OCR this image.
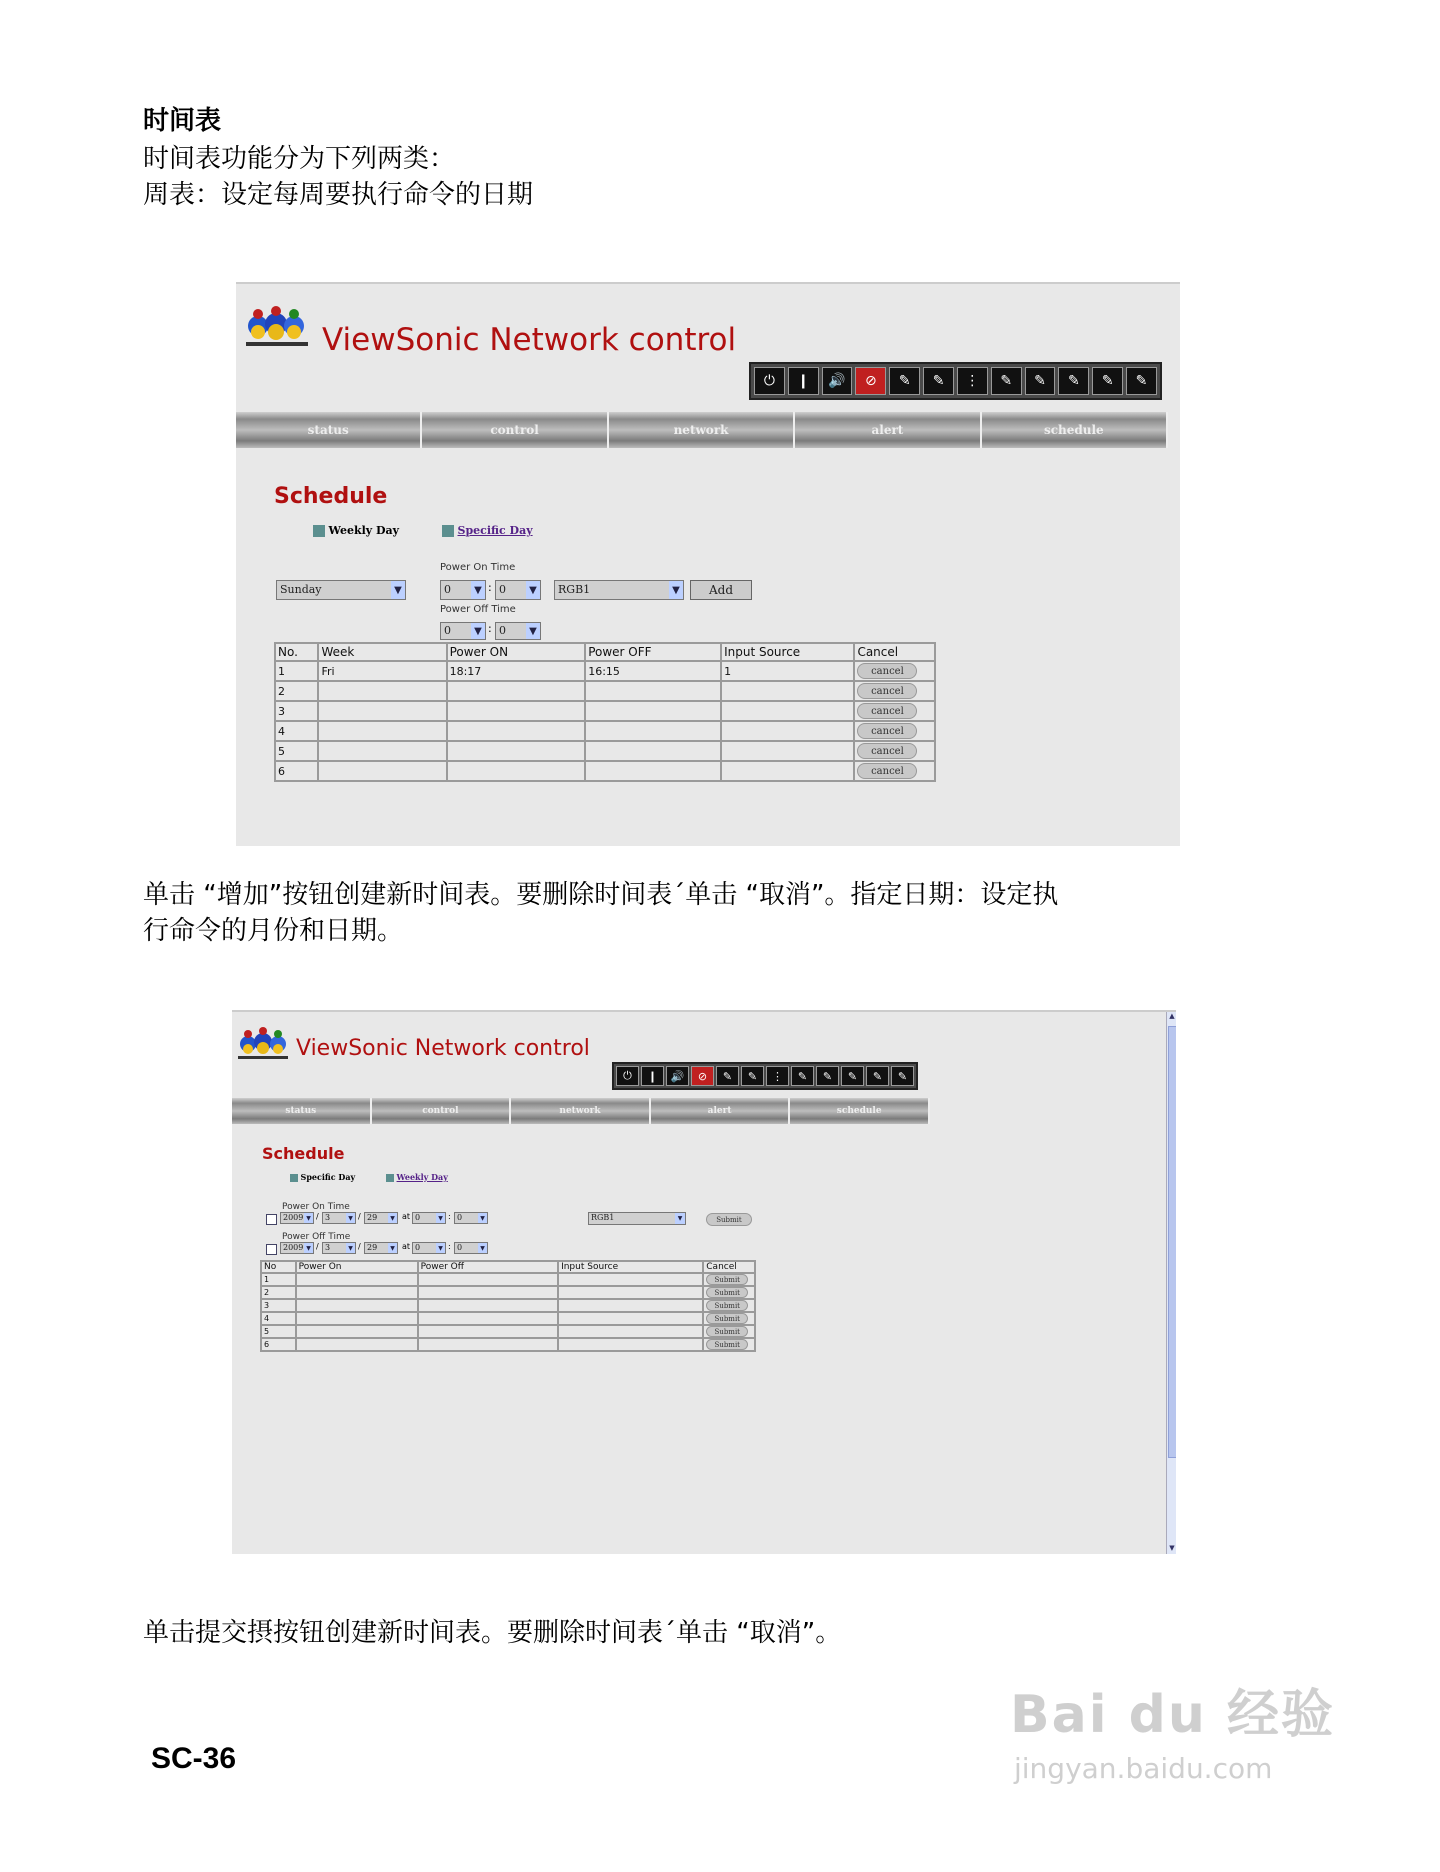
时间表
时间表功能分为下列两类：
周表：设定每周要执行命令的日期
ViewSonic Network control
⏻	❙	🔊	⊘	✎	✎	⋮	✎	✎	✎	✎	✎
status	control	network	alert	schedule
Schedule
Weekly Day	Specific Day
Power On Time
Sunday	▼	0	▼ : 0	▼	RGB1	▼	Add
Power Off Time
0	▼ : 0	▼
No.	Week	Power ON	Power OFF	Input Source	Cancel
1	Fri	18:17	16:15	1	cancel

2					cancel

3					cancel

4					cancel

5					cancel

6					cancel
单击 “增加”按钮创建新时间表。要删除时间表ˊ单击 “取消”。指定日期：设定执
行命令的月份和日期。
ViewSonic Network control
⏻	❙	🔊	⊘	✎	✎	⋮	✎	✎	✎	✎	✎
status	control	network	alert	schedule
Schedule
Specific Day	Weekly Day
Power On Time
2009 ▼ / 3	▼ / 29	▼ at 0	▼ : 0	▼	RGB1	▼	Submit
Power Off Time
2009 ▼ / 3	▼ / 29	▼ at 0	▼ : 0	▼
No	Power On	Power Off	Input Source	Cancel
1				Submit

2				Submit

3				Submit

4				Submit

5				Submit

6				Submit
▲
▼
单击提交摂按钮创建新时间表。要删除时间表ˊ单击 “取消”。
SC-36
Bai du 经验
jingyan.baidu.com
